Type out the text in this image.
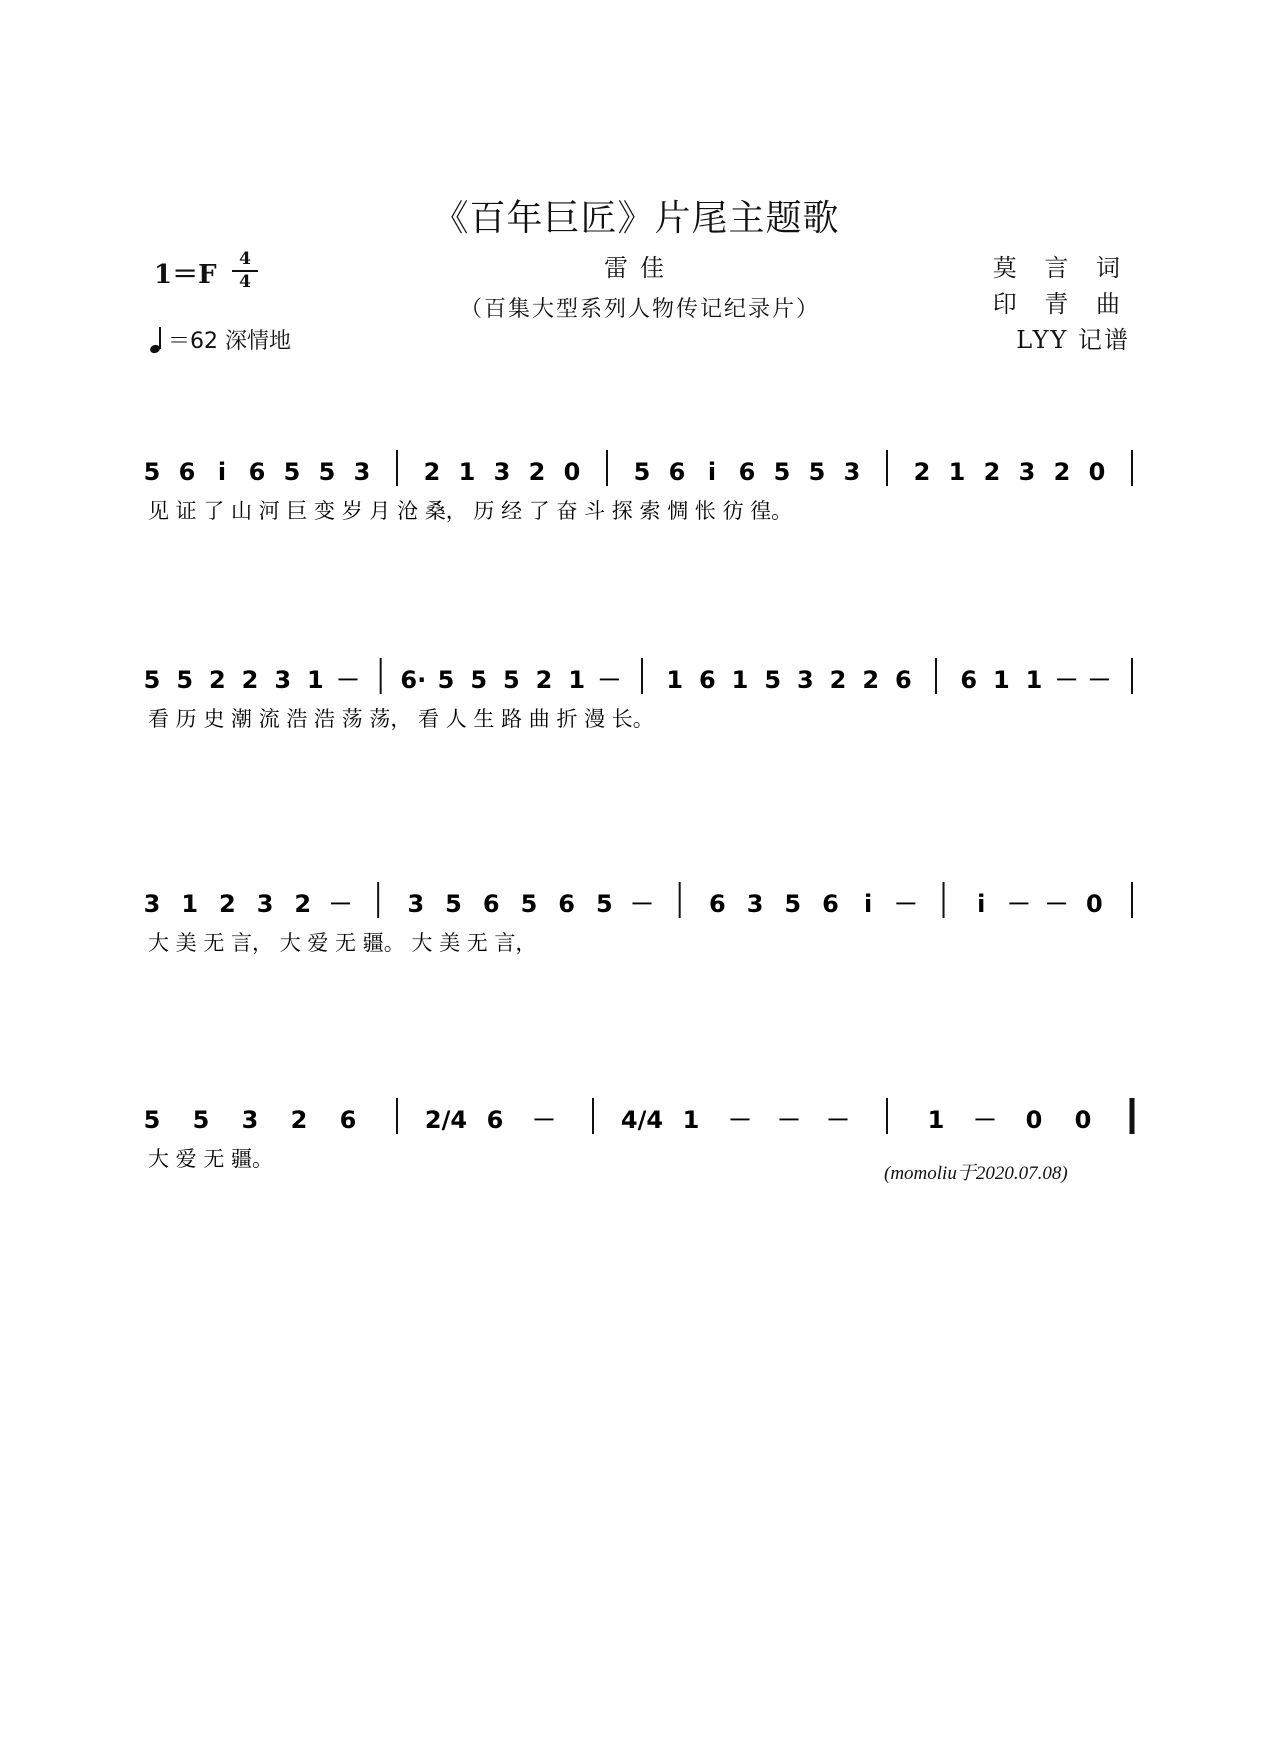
《百年巨匠》片尾主题歌
1＝F
4
4	雷佳
（百集大型系列人物传记纪录片）
莫 言 词
印 青 曲
LYY 记谱
＝62 深情地
5 6 i 6 5 5 3 2 1 3 2 0 5 6 i 6 5 5 3 2 1 2 3 2 0
见 证 了 山 河 巨 变 岁 月 沧 桑， 历 经 了 奋 斗 探 索 惆 怅 彷 徨。
5 5 2 2 3 1 － 6· 5 5 5 2 1 － 1 6 1 5 3 2 2 6 6 1 1 － －
看 历 史 潮 流 浩 浩 荡 荡， 看 人 生 路 曲 折 漫 长。
3 1 2 3 2 － 3 5 6 5 6 5 － 6 3 5 6 i － i － － 0
大 美 无 言， 大 爱 无 疆。 大 美 无 言，
5 5 3 2 6	2/4 6 －	4/4 1 － － －	1 － 0 0
大 爱 无 疆。
(momoliu于2020.07.08)
